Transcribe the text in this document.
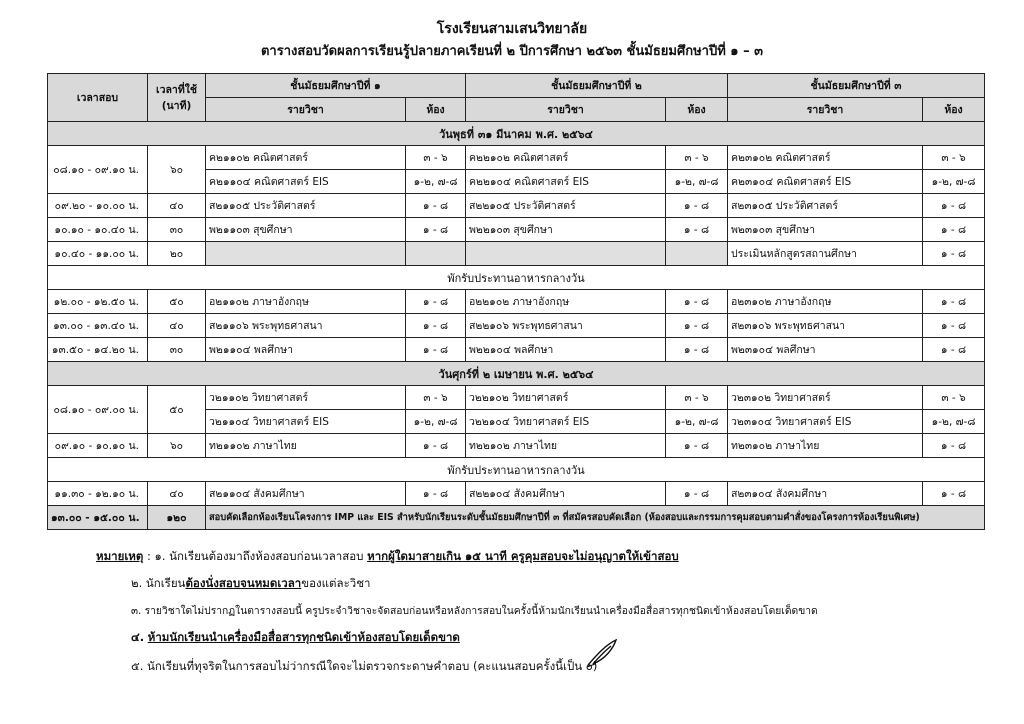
โรงเรียนสามเสนวิทยาลัย
ตารางสอบวัดผลการเรียนรู้ปลายภาคเรียนที่ ๒ ปีการศึกษา ๒๕๖๓ ชั้นมัธยมศึกษาปีที่ ๑ – ๓
เวลาสอบ	เวลาที่ใช้ (นาที)	ชั้นมัธยมศึกษาปีที่ ๑		ชั้นมัธยมศึกษาปีที่ ๒		ชั้นมัธยมศึกษาปีที่ ๓	
		รายวิชา	ห้อง	รายวิชา	ห้อง	รายวิชา	ห้อง
วันพุธที่ ๓๑ มีนาคม พ.ศ. ๒๕๖๔							
๐๘.๑๐ - ๐๙.๑๐ น.	๖๐	ค๒๑๑๐๒ คณิตศาสตร์	๓ - ๖	ค๒๒๑๐๒ คณิตศาสตร์	๓ - ๖	ค๒๓๑๐๒ คณิตศาสตร์	๓ - ๖
		ค๒๑๑๐๔ คณิตศาสตร์ EIS	๑-๒, ๗-๘	ค๒๒๑๐๔ คณิตศาสตร์ EIS	๑-๒, ๗-๘	ค๒๓๑๐๔ คณิตศาสตร์ EIS	๑-๒, ๗-๘
๐๙.๒๐ - ๑๐.๐๐ น.	๔๐	ส๒๑๑๐๕ ประวัติศาสตร์	๑ - ๘	ส๒๒๑๐๕ ประวัติศาสตร์	๑ - ๘	ส๒๓๑๐๕ ประวัติศาสตร์	๑ - ๘
๑๐.๑๐ - ๑๐.๔๐ น.	๓๐	พ๒๑๑๐๓ สุขศึกษา	๑ - ๘	พ๒๒๑๐๓ สุขศึกษา	๑ - ๘	พ๒๓๑๐๓ สุขศึกษา	๑ - ๘
๑๐.๔๐ - ๑๑.๐๐ น.	๒๐					ประเมินหลักสูตรสถานศึกษา	๑ - ๘
พักรับประทานอาหารกลางวัน							
๑๒.๐๐ - ๑๒.๕๐ น.	๕๐	อ๒๑๑๐๒ ภาษาอังกฤษ	๑ - ๘	อ๒๒๑๐๒ ภาษาอังกฤษ	๑ - ๘	อ๒๓๑๐๒ ภาษาอังกฤษ	๑ - ๘
๑๓.๐๐ - ๑๓.๔๐ น.	๔๐	ส๒๑๑๐๖ พระพุทธศาสนา	๑ - ๘	ส๒๒๑๐๖ พระพุทธศาสนา	๑ - ๘	ส๒๓๑๐๖ พระพุทธศาสนา	๑ - ๘
๑๓.๕๐ - ๑๔.๒๐ น.	๓๐	พ๒๑๑๐๔ พลศึกษา	๑ - ๘	พ๒๒๑๐๔ พลศึกษา	๑ - ๘	พ๒๓๑๐๔ พลศึกษา	๑ - ๘
วันศุกร์ที่ ๒ เมษายน พ.ศ. ๒๕๖๔							
๐๘.๑๐ - ๐๙.๐๐ น.	๕๐	ว๒๑๑๐๒ วิทยาศาสตร์	๓ - ๖	ว๒๒๑๐๒ วิทยาศาสตร์	๓ - ๖	ว๒๓๑๐๒ วิทยาศาสตร์	๓ - ๖
		ว๒๑๑๐๔ วิทยาศาสตร์ EIS	๑-๒, ๗-๘	ว๒๒๑๐๔ วิทยาศาสตร์ EIS	๑-๒, ๗-๘	ว๒๓๑๐๔ วิทยาศาสตร์ EIS	๑-๒, ๗-๘
๐๙.๑๐ - ๑๐.๑๐ น.	๖๐	ท๒๑๑๐๒ ภาษาไทย	๑ - ๘	ท๒๒๑๐๒ ภาษาไทย	๑ - ๘	ท๒๓๑๐๒ ภาษาไทย	๑ - ๘
พักรับประทานอาหารกลางวัน							
๑๑.๓๐ - ๑๒.๑๐ น.	๔๐	ส๒๑๑๐๔ สังคมศึกษา	๑ - ๘	ส๒๒๑๐๔ สังคมศึกษา	๑ - ๘	ส๒๓๑๐๔ สังคมศึกษา	๑ - ๘
๑๓.๐๐ - ๑๕.๐๐ น.	๑๒๐	สอบคัดเลือกห้องเรียนโครงการ IMP และ EIS สำหรับนักเรียนระดับชั้นมัธยมศึกษาปีที่ ๓ ที่สมัครสอบคัดเลือก (ห้องสอบและกรรมการคุมสอบตามคำสั่งของโครงการห้องเรียนพิเศษ)					
หมายเหตุ : ๑. นักเรียนต้องมาถึงห้องสอบก่อนเวลาสอบ หากผู้ใดมาสายเกิน ๑๕ นาที ครูคุมสอบจะไม่อนุญาตให้เข้าสอบ
๒. นักเรียนต้องนั่งสอบจนหมดเวลาของแต่ละวิชา
๓. รายวิชาใดไม่ปรากฏในตารางสอบนี้ ครูประจำวิชาจะจัดสอบก่อนหรือหลังการสอบในครั้งนี้ห้ามนักเรียนนำเครื่องมือสื่อสารทุกชนิดเข้าห้องสอบโดยเด็ดขาด
๔. ห้ามนักเรียนนำเครื่องมือสื่อสารทุกชนิดเข้าห้องสอบโดยเด็ดขาด
๕. นักเรียนที่ทุจริตในการสอบไม่ว่ากรณีใดจะไม่ตรวจกระดาษคำตอบ (คะแนนสอบครั้งนี้เป็น ๐)
